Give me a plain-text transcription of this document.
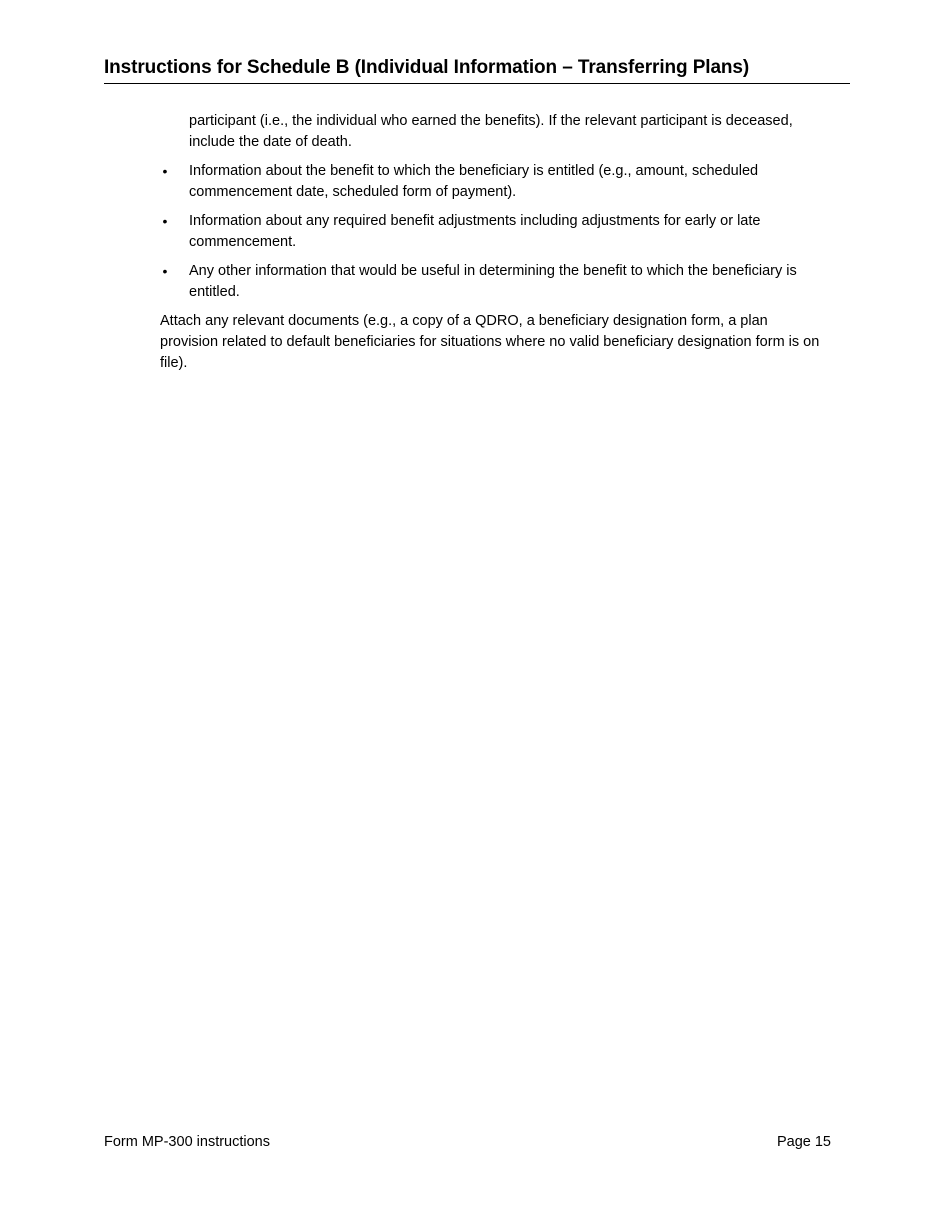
Instructions for Schedule B (Individual Information – Transferring Plans)

participant (i.e., the individual who earned the benefits). If the relevant participant is deceased, include the date of death.

• Information about the benefit to which the beneficiary is entitled (e.g., amount, scheduled commencement date, scheduled form of payment).
• Information about any required benefit adjustments including adjustments for early or late commencement.
• Any other information that would be useful in determining the benefit to which the beneficiary is entitled.

Attach any relevant documents (e.g., a copy of a QDRO, a beneficiary designation form, a plan provision related to default beneficiaries for situations where no valid beneficiary designation form is on file).

Form MP-300 instructions	Page 15
